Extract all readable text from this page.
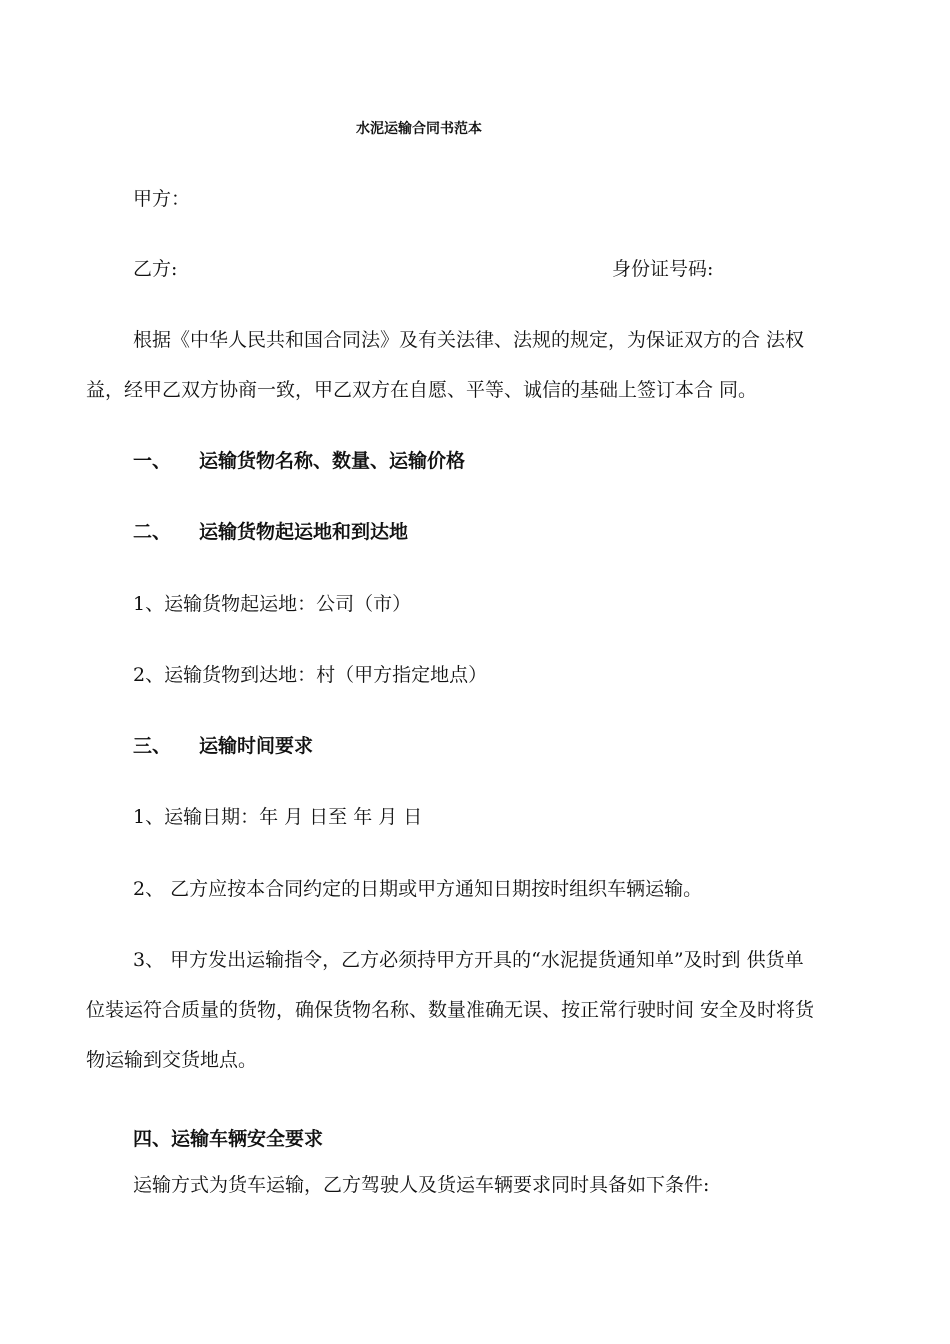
水泥运输合同书范本
甲方：
乙方:	身份证号码:
根据《中华人民共和国合同法》及有关法律、法规的规定，为保证双方的合 法权
益，经甲乙双方协商一致，甲乙双方在自愿、平等、诚信的基础上签订本合 同。
一、 运输货物名称、数量、运输价格
二、 运输货物起运地和到达地
1、运输货物起运地：公司（市）
2、运输货物到达地：村（甲方指定地点）
三、 运输时间要求
1、运输日期：年 月 日至 年 月 日
2、 乙方应按本合同约定的日期或甲方通知日期按时组织车辆运输。
3、 甲方发出运输指令，乙方必须持甲方开具的“水泥提货通知单”及时到 供货单
位装运符合质量的货物，确保货物名称、数量准确无误、按正常行驶时间 安全及时将货
物运输到交货地点。
四、运输车辆安全要求
运输方式为货车运输，乙方驾驶人及货运车辆要求同时具备如下条件:
